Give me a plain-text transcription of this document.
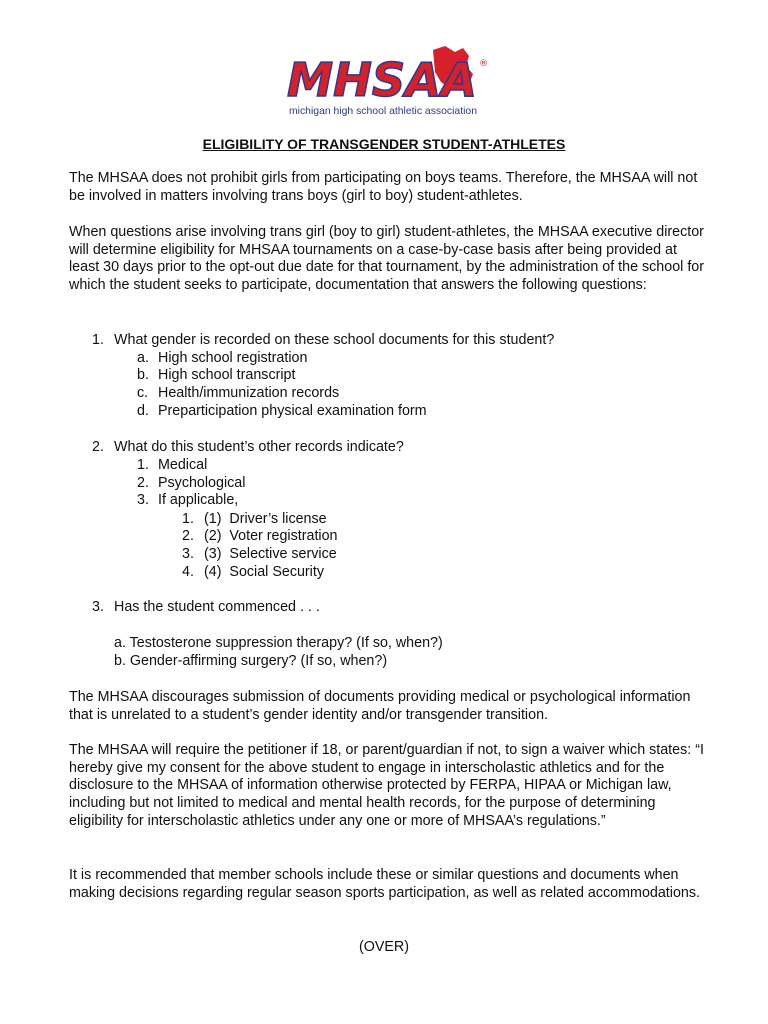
MHSAA ®
michigan high school athletic association
ELIGIBILITY OF TRANSGENDER STUDENT-ATHLETES

The MHSAA does not prohibit girls from participating on boys teams. Therefore, the MHSAA will not be involved in matters involving trans boys (girl to boy) student-athletes.

When questions arise involving trans girl (boy to girl) student-athletes, the MHSAA executive director will determine eligibility for MHSAA tournaments on a case-by-case basis after being provided at least 30 days prior to the opt-out due date for that tournament, by the administration of the school for which the student seeks to participate, documentation that answers the following questions:

1. What gender is recorded on these school documents for this student?
a. High school registration
b. High school transcript
c. Health/immunization records
d. Preparticipation physical examination form
2. What do this student’s other records indicate?
1. Medical
2. Psychological
3. If applicable,
1. (1)  Driver’s license
2. (2)  Voter registration
3. (3)  Selective service
4. (4)  Social Security
3. Has the student commenced . . .
a. Testosterone suppression therapy? (If so, when?)
b. Gender-affirming surgery? (If so, when?)

The MHSAA discourages submission of documents providing medical or psychological information that is unrelated to a student’s gender identity and/or transgender transition.

The MHSAA will require the petitioner if 18, or parent/guardian if not, to sign a waiver which states: “I hereby give my consent for the above student to engage in interscholastic athletics and for the disclosure to the MHSAA of information otherwise protected by FERPA, HIPAA or Michigan law, including but not limited to medical and mental health records, for the purpose of determining eligibility for interscholastic athletics under any one or more of MHSAA’s regulations.”

It is recommended that member schools include these or similar questions and documents when making decisions regarding regular season sports participation, as well as related accommodations.

(OVER)
